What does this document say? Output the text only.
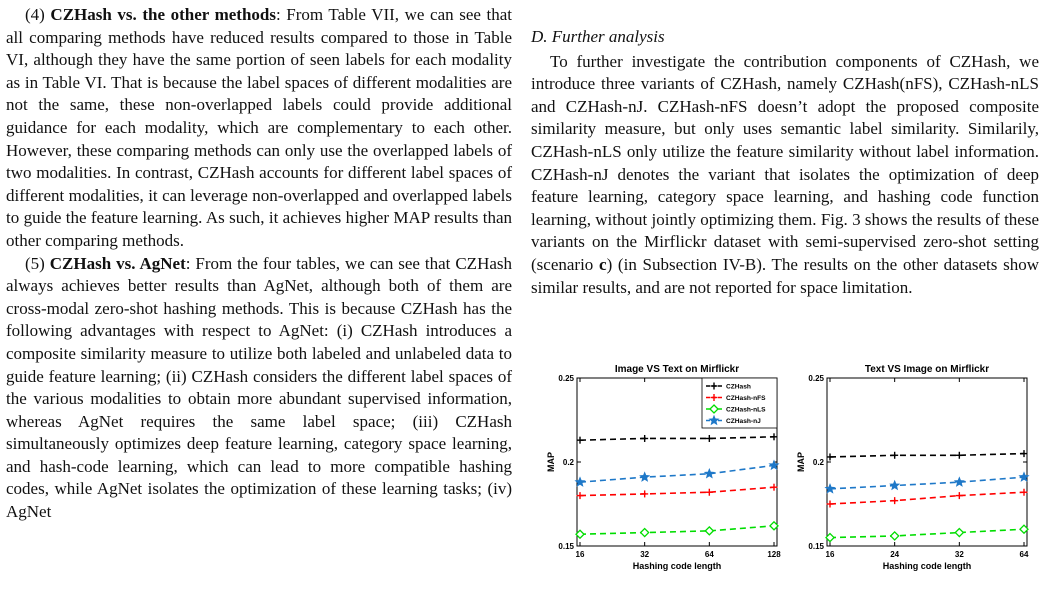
(4) CZHash vs. the other methods: From Table VII, we can see that all comparing methods have reduced results compared to those in Table VI, although they have the same portion of seen labels for each modality as in Table VI. That is because the label spaces of different modalities are not the same, these non-overlapped labels could provide additional guidance for each modality, which are complementary to each other. However, these comparing methods can only use the overlapped labels of two modalities. In contrast, CZHash accounts for different label spaces of different modalities, it can leverage non-overlapped and overlapped labels to guide the feature learning. As such, it achieves higher MAP results than other comparing methods.

(5) CZHash vs. AgNet: From the four tables, we can see that CZHash always achieves better results than AgNet, although both of them are cross-modal zero-shot hashing methods. This is because CZHash has the following advantages with respect to AgNet: (i) CZHash introduces a composite similarity measure to utilize both labeled and unlabeled data to guide feature learning; (ii) CZHash considers the different label spaces of the various modalities to obtain more abundant supervised information, whereas AgNet requires the same label space; (iii) CZHash simultaneously optimizes deep feature learning, category space learning, and hash-code learning, which can lead to more compatible hashing codes, while AgNet isolates the optimization of these learning tasks; (iv) AgNet

D. Further analysis

To further investigate the contribution components of CZHash, we introduce three variants of CZHash, namely CZHash(nFS), CZHash-nLS and CZHash-nJ. CZHash-nFS doesn’t adopt the proposed composite similarity measure, but only uses semantic label similarity. Similarily, CZHash-nLS only utilize the feature similarity without label information. CZHash-nJ denotes the variant that isolates the optimization of deep feature learning, category space learning, and hashing code function learning, without jointly optimizing them. Fig. 3 shows the results of these variants on the Mirflickr dataset with semi-supervised zero-shot setting (scenario c) (in Subsection IV-B). The results on the other datasets show similar results, and are not reported for space limitation.

Image VS Text on Mirflickr
0.15
0.2
0.25
16	32	64	128
Hashing code length
MAP
CZHash
CZHash-nFS
CZHash-nLS
CZHash-nJ
Text VS Image on Mirflickr
0.15
0.2
0.25
16	24	32	64
Hashing code length
MAP
